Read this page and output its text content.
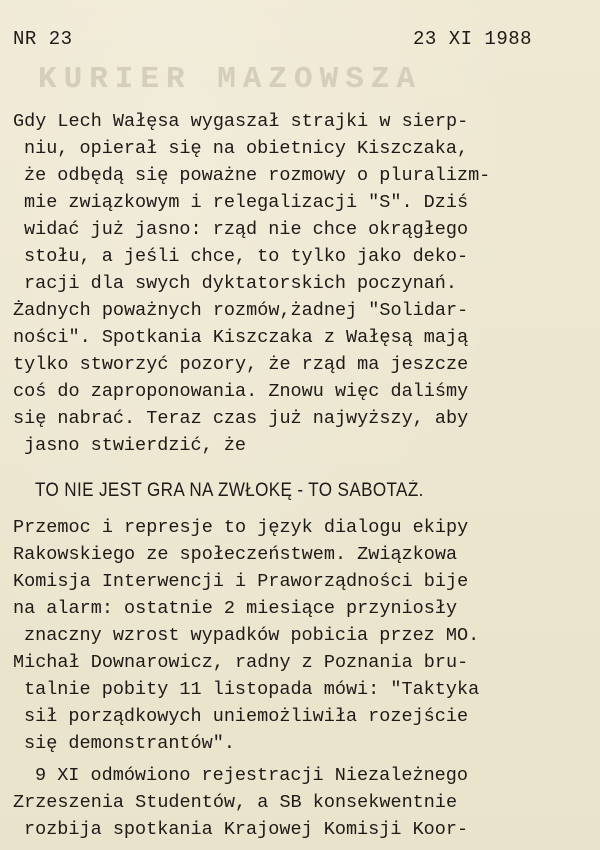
NR 23	23 XI 1988
KURIER MAZOWSZA
Gdy Lech Wałęsa wygaszał strajki w sierp-
niu, opierał się na obietnicy Kiszczaka,
że odbędą się poważne rozmowy o pluralizm-
mie związkowym i relegalizacji "S". Dziś
widać już jasno: rząd nie chce okrągłego
stołu, a jeśli chce, to tylko jako deko-
racji dla swych dyktatorskich poczynań.
Żadnych poważnych rozmów,żadnej "Solidar-
ności". Spotkania Kiszczaka z Wałęsą mają
tylko stworzyć pozory, że rząd ma jeszcze
coś do zaproponowania. Znowu więc daliśmy
się nabrać. Teraz czas już najwyższy, aby
jasno stwierdzić, że
TO NIE JEST GRA NA ZWŁOKĘ - TO SABOTAŻ.
Przemoc i represje to język dialogu ekipy
Rakowskiego ze społeczeństwem. Związkowa
Komisja Interwencji i Praworządności bije
na alarm: ostatnie 2 miesiące przyniosły
znaczny wzrost wypadków pobicia przez MO.
Michał Downarowicz, radny z Poznania bru-
talnie pobity 11 listopada mówi: "Taktyka
sił porządkowych uniemożliwiła rozejście
się demonstrantów".
9 XI odmówiono rejestracji Niezależnego
Zrzeszenia Studentów, a SB konsekwentnie
rozbija spotkania Krajowej Komisji Koor-
